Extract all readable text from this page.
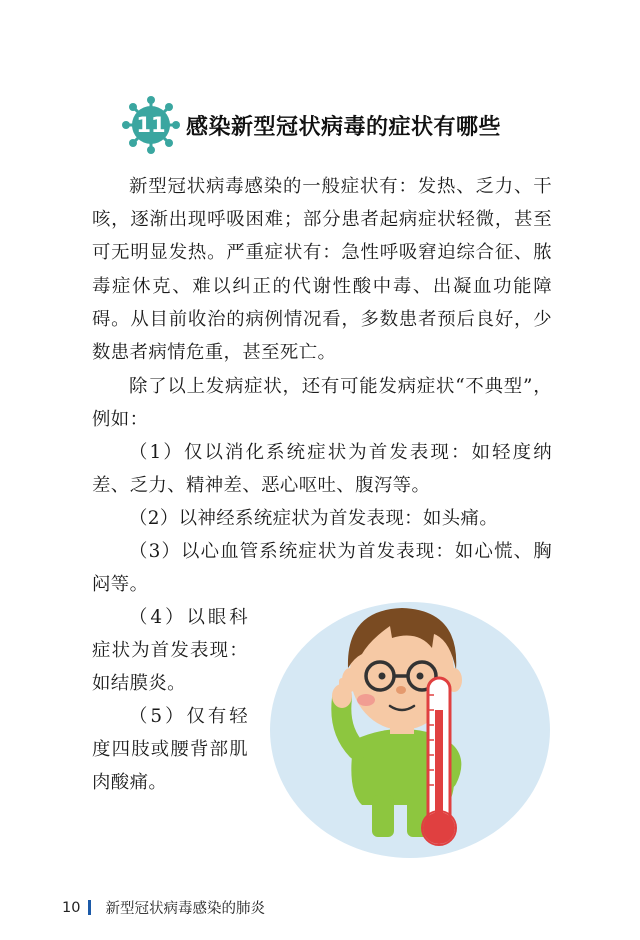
11 感染新型冠状病毒的症状有哪些

新型冠状病毒感染的一般症状有：发热、乏力、干咳，逐渐出现呼吸困难；部分患者起病症状轻微，甚至可无明显发热。严重症状有：急性呼吸窘迫综合征、脓毒症休克、难以纠正的代谢性酸中毒、出凝血功能障碍。从目前收治的病例情况看，多数患者预后良好，少数患者病情危重，甚至死亡。

除了以上发病症状，还有可能发病症状“不典型”，例如：

（1）仅以消化系统症状为首发表现：如轻度纳差、乏力、精神差、恶心呕吐、腹泻等。

（2）以神经系统症状为首发表现：如头痛。

（3）以心血管系统症状为首发表现：如心慌、胸闷等。

（4）以眼科症状为首发表现：如结膜炎。

（5）仅有轻度四肢或腰背部肌肉酸痛。

10 新型冠状病毒感染的肺炎
